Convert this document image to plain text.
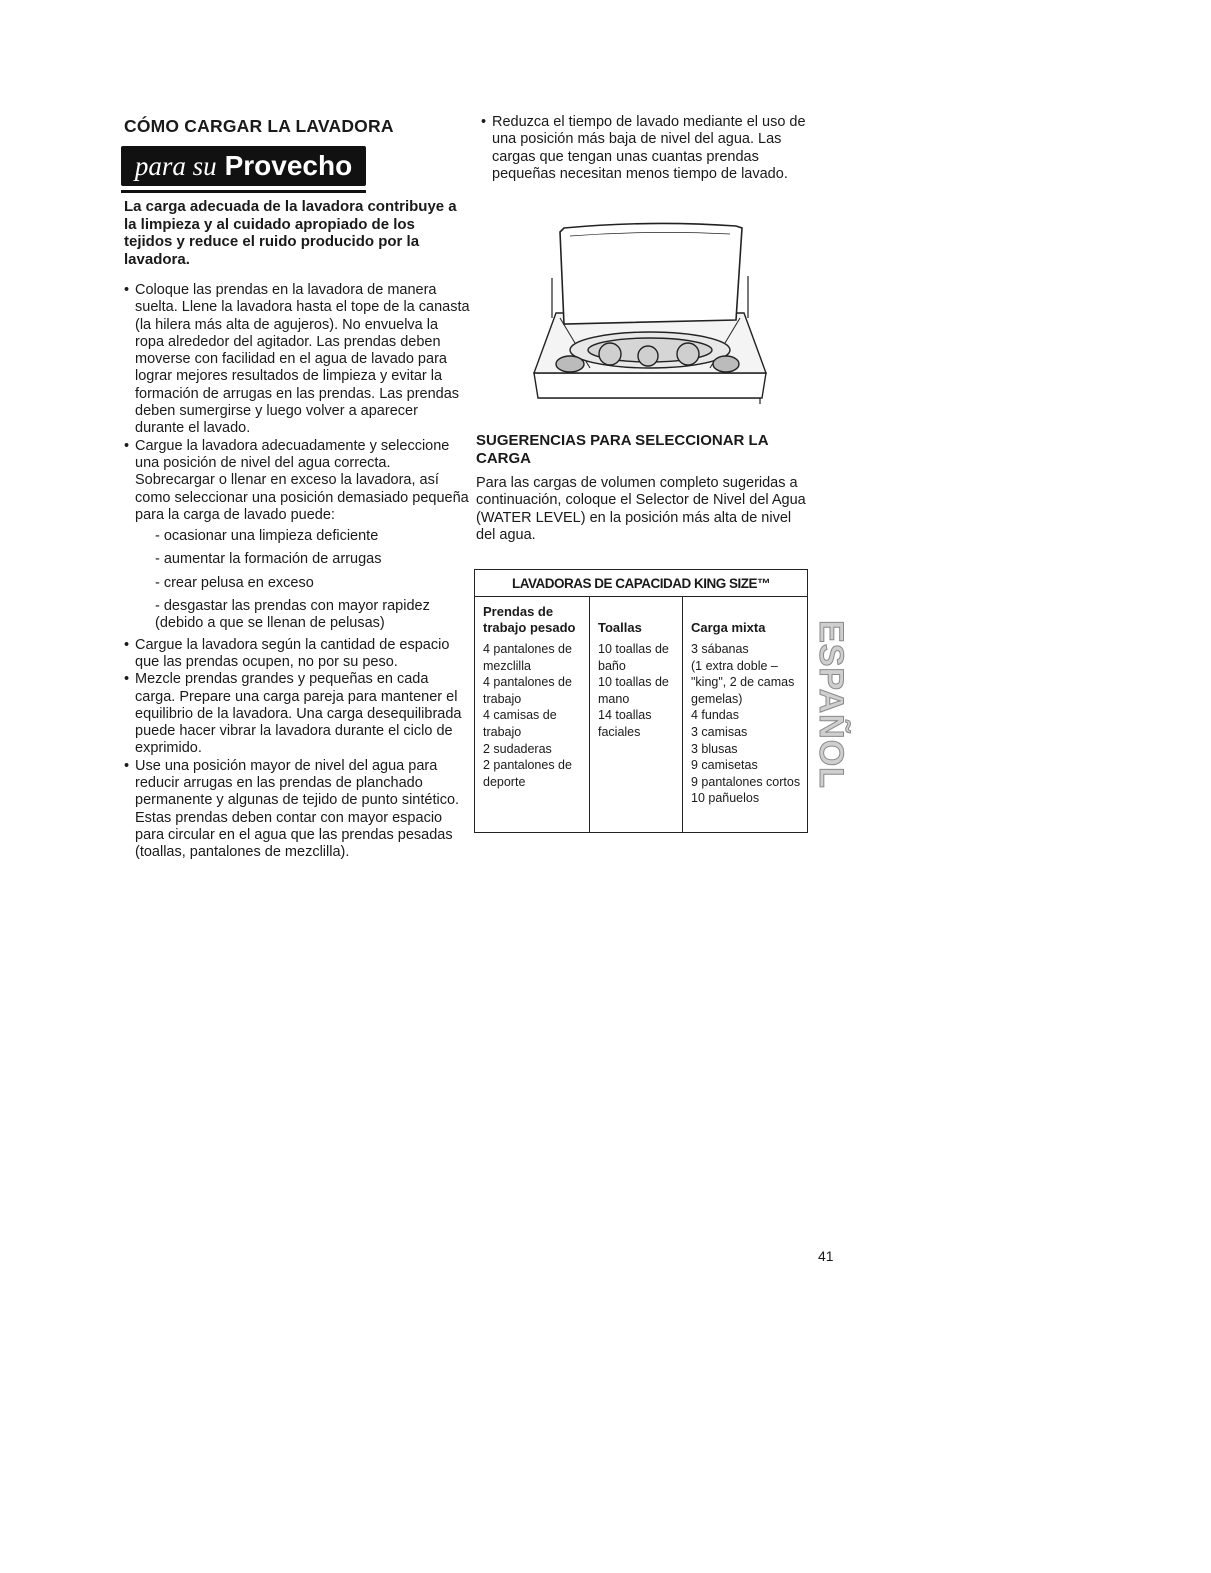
CÓMO CARGAR LA LAVADORA
para su Provecho

La carga adecuada de la lavadora contribuye a la limpieza y al cuidado apropiado de los tejidos y reduce el ruido producido por la lavadora.

• Coloque las prendas en la lavadora de manera suelta. Llene la lavadora hasta el tope de la canasta (la hilera más alta de agujeros). No envuelva la ropa alrededor del agitador. Las prendas deben moverse con facilidad en el agua de lavado para lograr mejores resultados de limpieza y evitar la formación de arrugas en las prendas. Las prendas deben sumergirse y luego volver a aparecer durante el lavado.
• Cargue la lavadora adecuadamente y seleccione una posición de nivel del agua correcta. Sobrecargar o llenar en exceso la lavadora, así como seleccionar una posición demasiado pequeña para la carga de lavado puede:
- ocasionar una limpieza deficiente
- aumentar la formación de arrugas
- crear pelusa en exceso
- desgastar las prendas con mayor rapidez (debido a que se llenan de pelusas)
• Cargue la lavadora según la cantidad de espacio que las prendas ocupen, no por su peso.
• Mezcle prendas grandes y pequeñas en cada carga. Prepare una carga pareja para mantener el equilibrio de la lavadora. Una carga desequilibrada puede hacer vibrar la lavadora durante el ciclo de exprimido.
• Use una posición mayor de nivel del agua para reducir arrugas en las prendas de planchado permanente y algunas de tejido de punto sintético. Estas prendas deben contar con mayor espacio para circular en el agua que las prendas pesadas (toallas, pantalones de mezclilla).
• Reduzca el tiempo de lavado mediante el uso de una posición más baja de nivel del agua. Las cargas que tengan unas cuantas prendas pequeñas necesitan menos tiempo de lavado.
SUGERENCIAS PARA SELECCIONAR LA CARGA

Para las cargas de volumen completo sugeridas a continuación, coloque el Selector de Nivel del Agua (WATER LEVEL) en la posición más alta de nivel del agua.

LAVADORAS DE CAPACIDAD KING SIZE™
Prendas de trabajo pesado
4 pantalones de mezclilla
4 pantalones de trabajo
4 camisas de trabajo
2 sudaderas
2 pantalones de deporte
Toallas
10 toallas de baño
10 toallas de mano
14 toallas faciales
Carga mixta
3 sábanas
(1 extra doble – "king", 2 de camas gemelas)
4 fundas
3 camisas
3 blusas
9 camisetas
9 pantalones cortos
10 pañuelos
ESPAÑOL
41
